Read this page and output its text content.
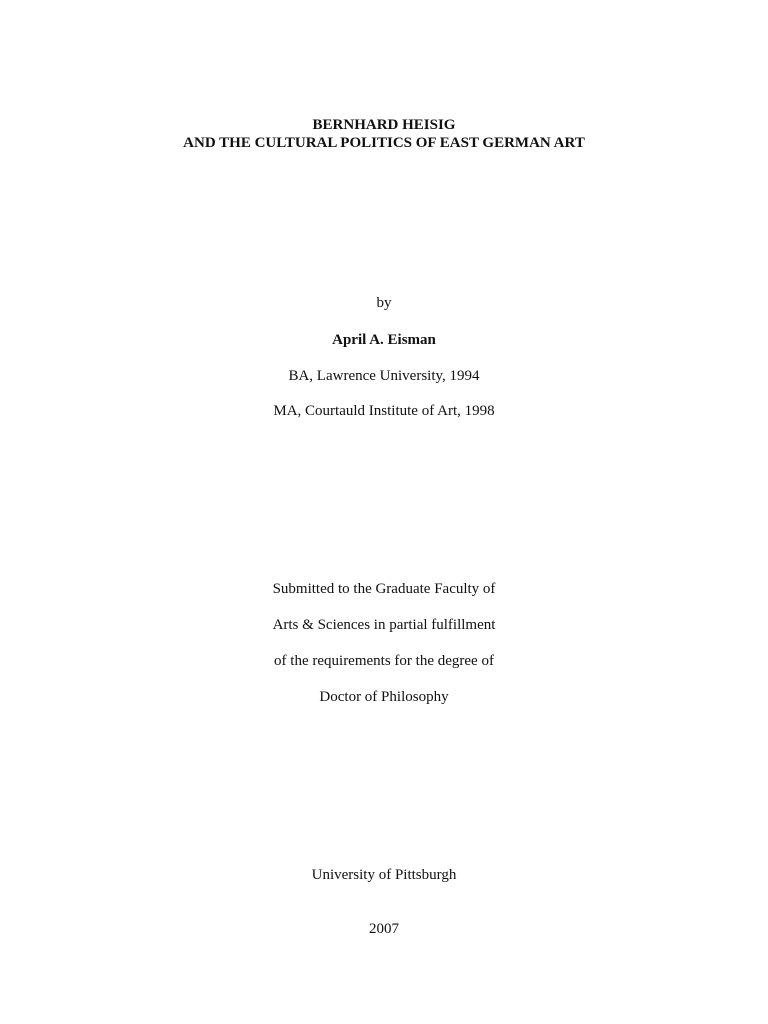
BERNHARD HEISIG
AND THE CULTURAL POLITICS OF EAST GERMAN ART
by
April A. Eisman
BA, Lawrence University, 1994
MA, Courtauld Institute of Art, 1998
Submitted to the Graduate Faculty of
Arts & Sciences in partial fulfillment
of the requirements for the degree of
Doctor of Philosophy
University of Pittsburgh
2007
